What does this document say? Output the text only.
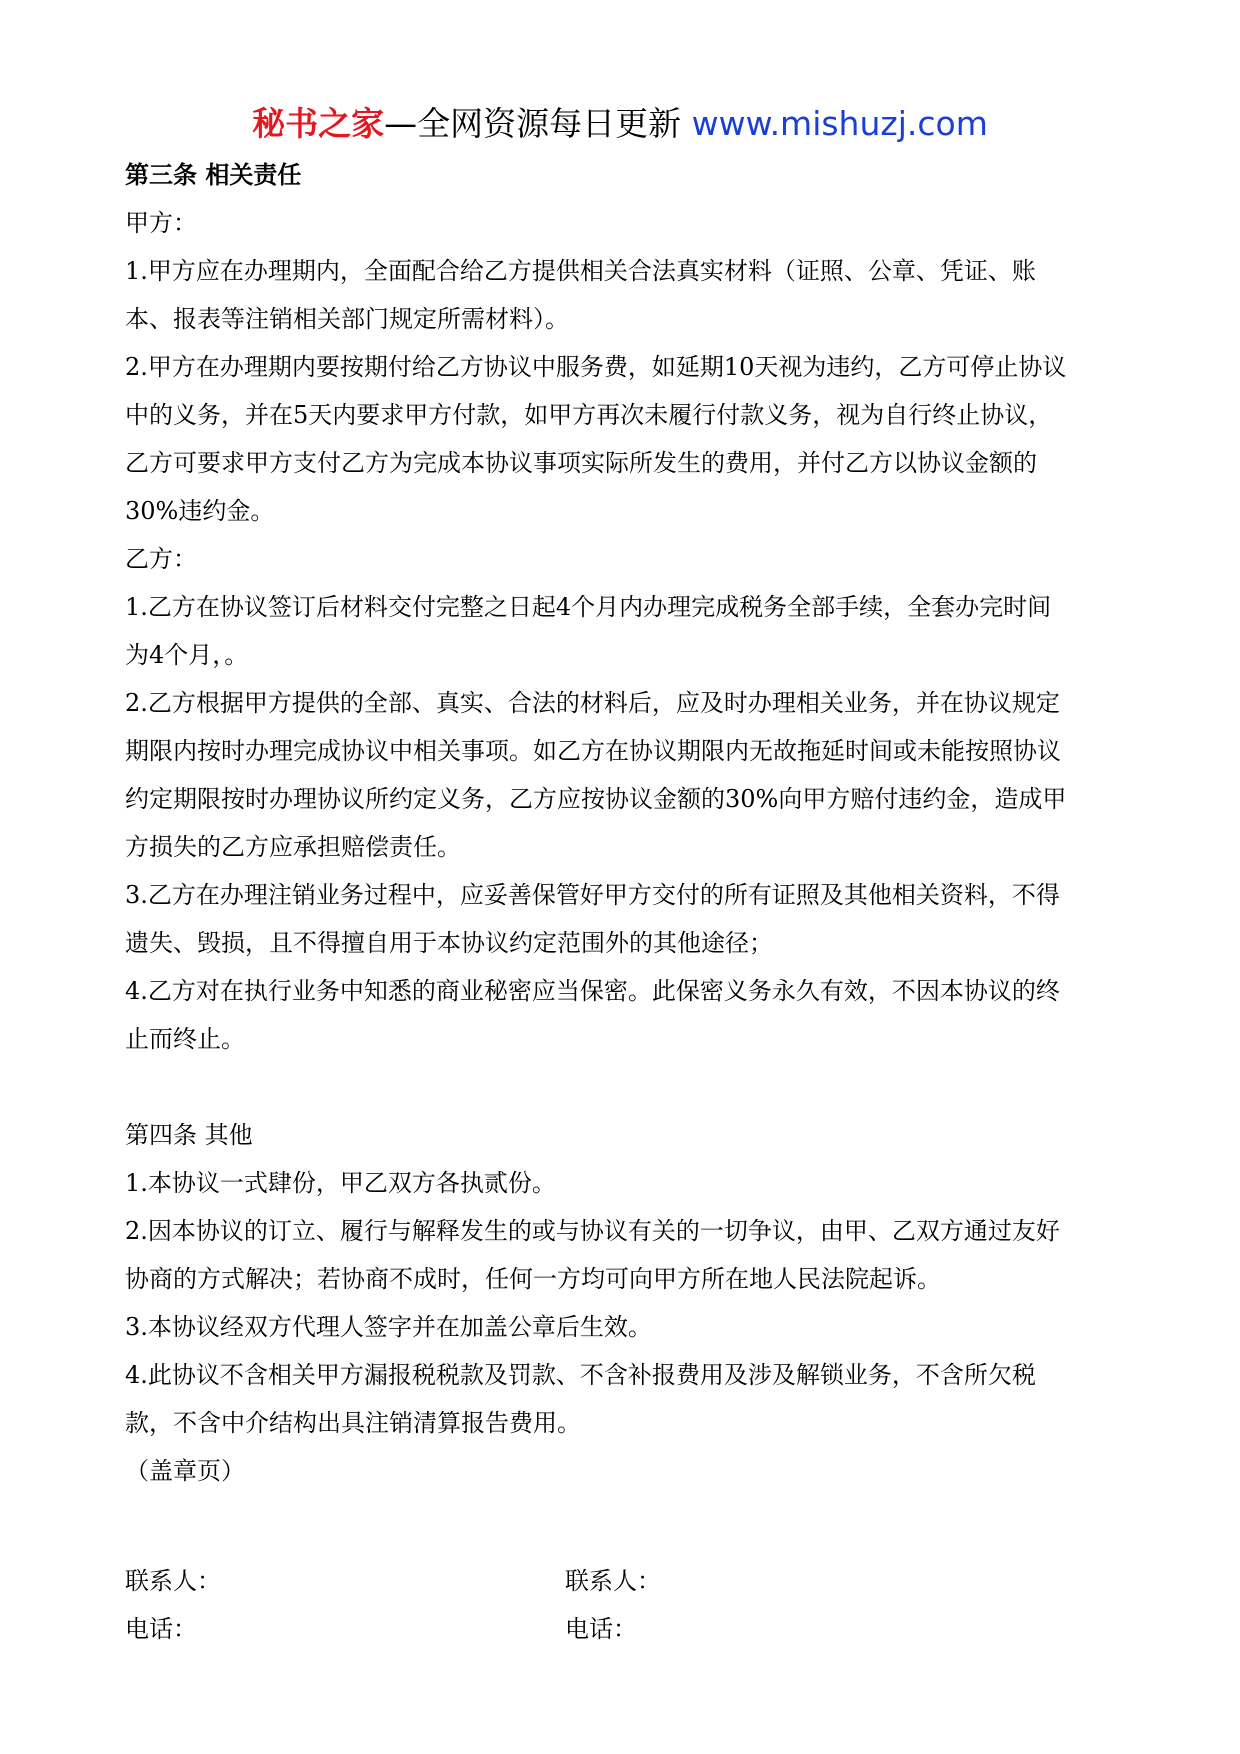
秘书之家—全网资源每日更新 www.mishuzj.com

第三条 相关责任

甲方：

1.甲方应在办理期内，全面配合给乙方提供相关合法真实材料（证照、公章、凭证、账本、报表等注销相关部门规定所需材料）。

2.甲方在办理期内要按期付给乙方协议中服务费，如延期10天视为违约，乙方可停止协议中的义务，并在5天内要求甲方付款，如甲方再次未履行付款义务，视为自行终止协议，乙方可要求甲方支付乙方为完成本协议事项实际所发生的费用，并付乙方以协议金额的30%违约金。

乙方：

1.乙方在协议签订后材料交付完整之日起4个月内办理完成税务全部手续，全套办完时间为4个月，。

2.乙方根据甲方提供的全部、真实、合法的材料后，应及时办理相关业务，并在协议规定期限内按时办理完成协议中相关事项。如乙方在协议期限内无故拖延时间或未能按照协议约定期限按时办理协议所约定义务，乙方应按协议金额的30%向甲方赔付违约金，造成甲方损失的乙方应承担赔偿责任。

3.乙方在办理注销业务过程中，应妥善保管好甲方交付的所有证照及其他相关资料，不得遗失、毁损，且不得擅自用于本协议约定范围外的其他途径；

4.乙方对在执行业务中知悉的商业秘密应当保密。此保密义务永久有效，不因本协议的终止而终止。

第四条 其他

1.本协议一式肆份，甲乙双方各执贰份。

2.因本协议的订立、履行与解释发生的或与协议有关的一切争议，由甲、乙双方通过友好协商的方式解决；若协商不成时，任何一方均可向甲方所在地人民法院起诉。

3.本协议经双方代理人签字并在加盖公章后生效。

4.此协议不含相关甲方漏报税税款及罚款、不含补报费用及涉及解锁业务，不含所欠税款，不含中介结构出具注销清算报告费用。

（盖章页）

联系人：	联系人：
电话：	电话：
